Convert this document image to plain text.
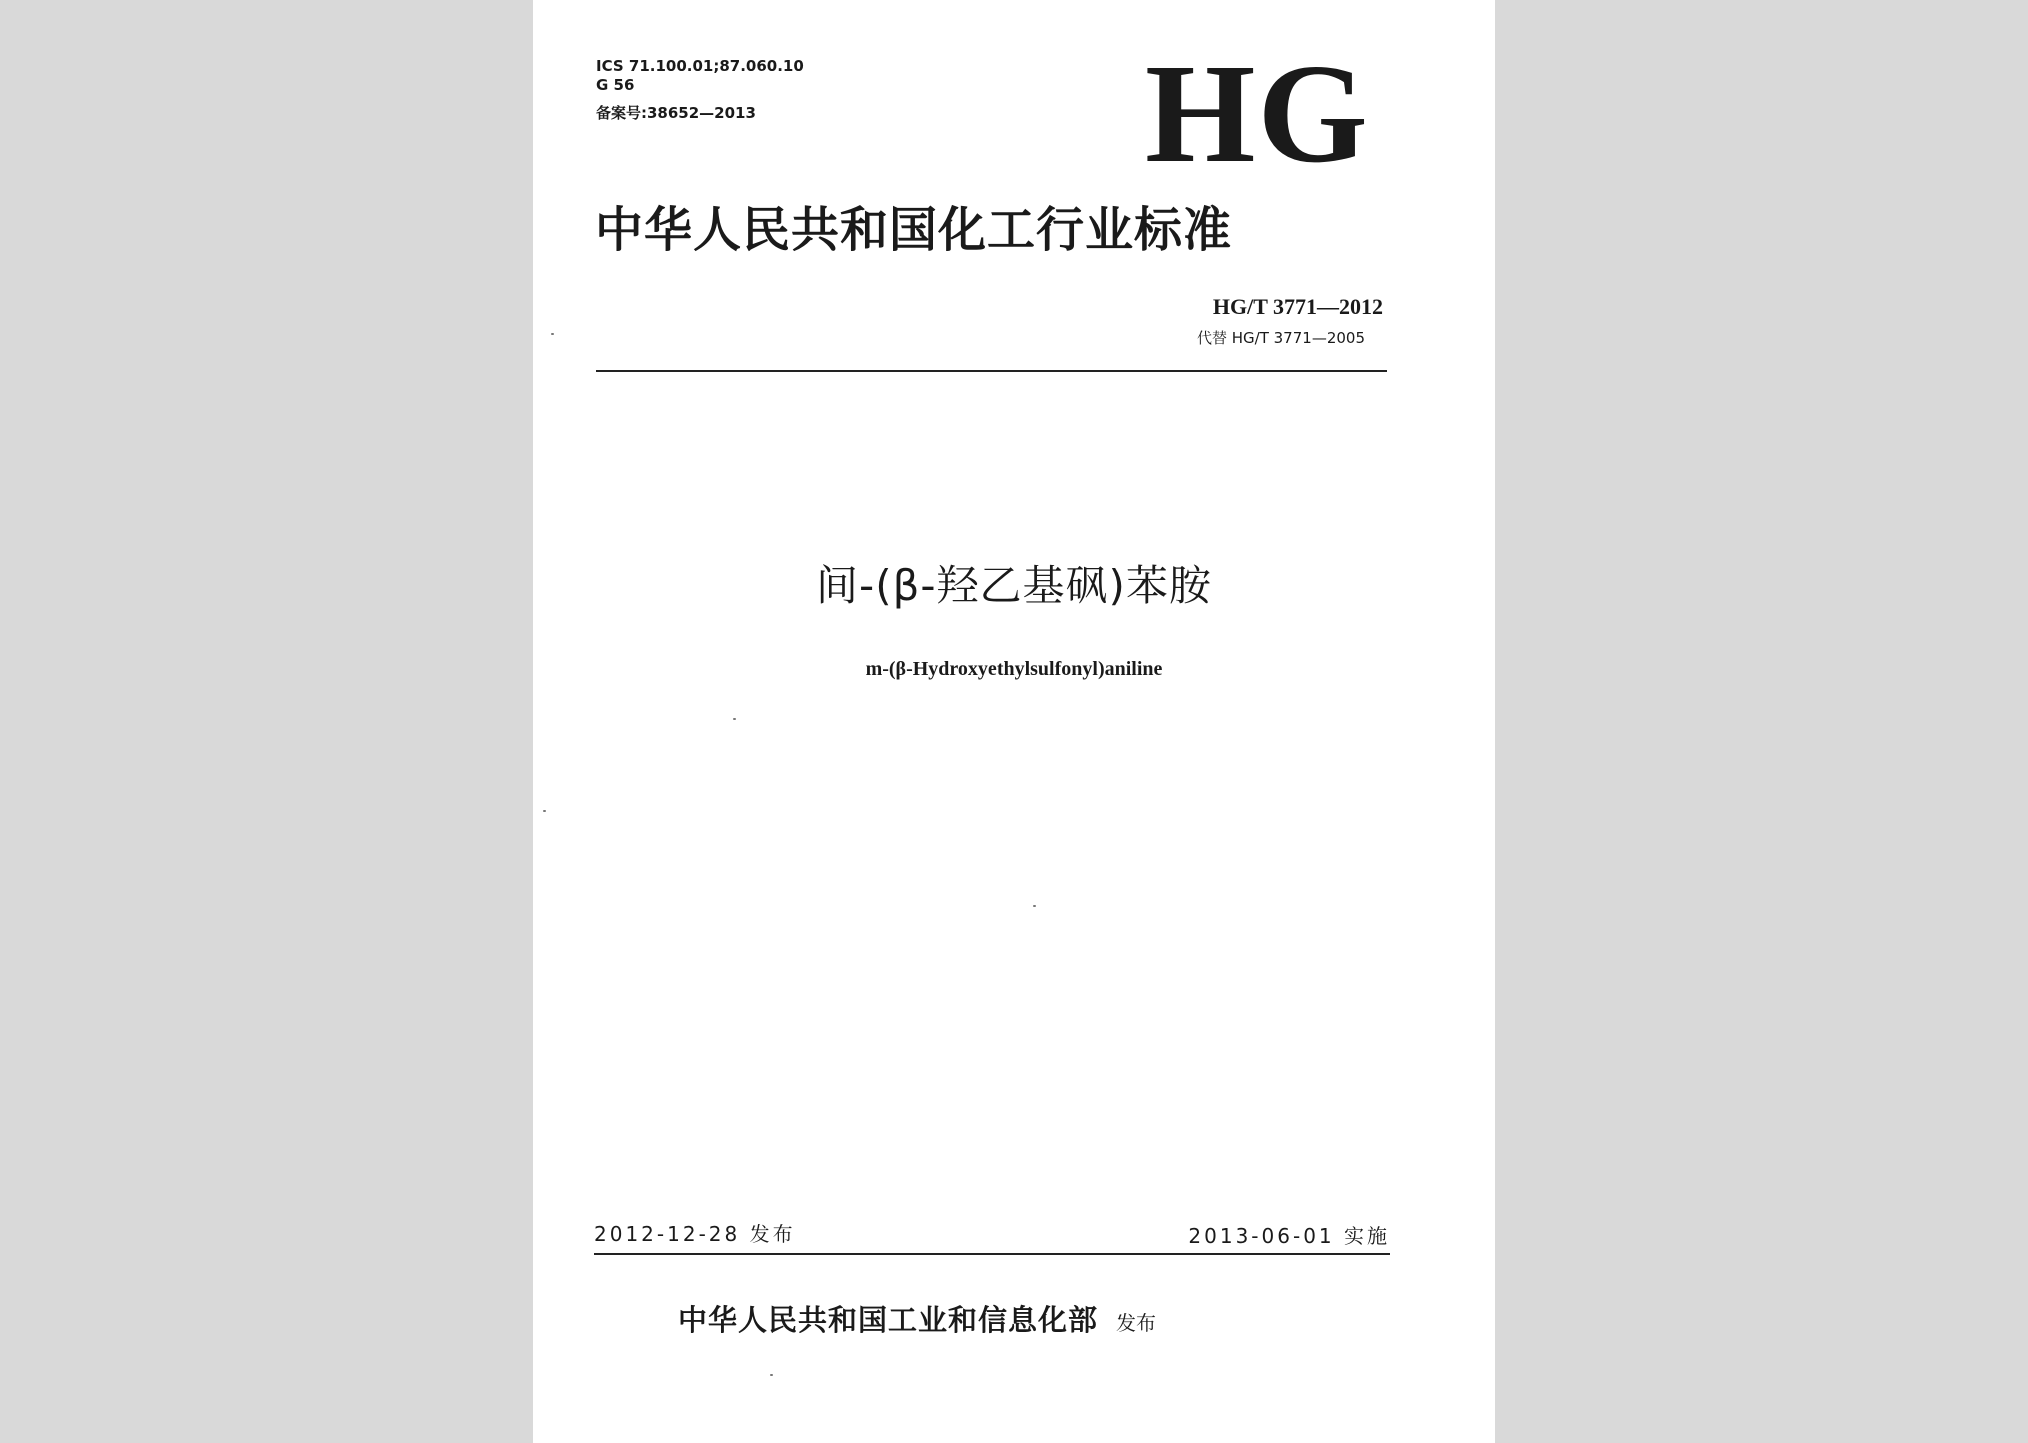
ICS 71.100.01;87.060.10
G 56
备案号:38652—2013	HG
中华人民共和国化工行业标准
HG/T 3771—2012
代替 HG/T 3771—2005
间-(β-羟乙基砜)苯胺
m-(β-Hydroxyethylsulfonyl)aniline
2012-12-28 发布	2013-06-01 实施
中华人民共和国工业和信息化部 发布
